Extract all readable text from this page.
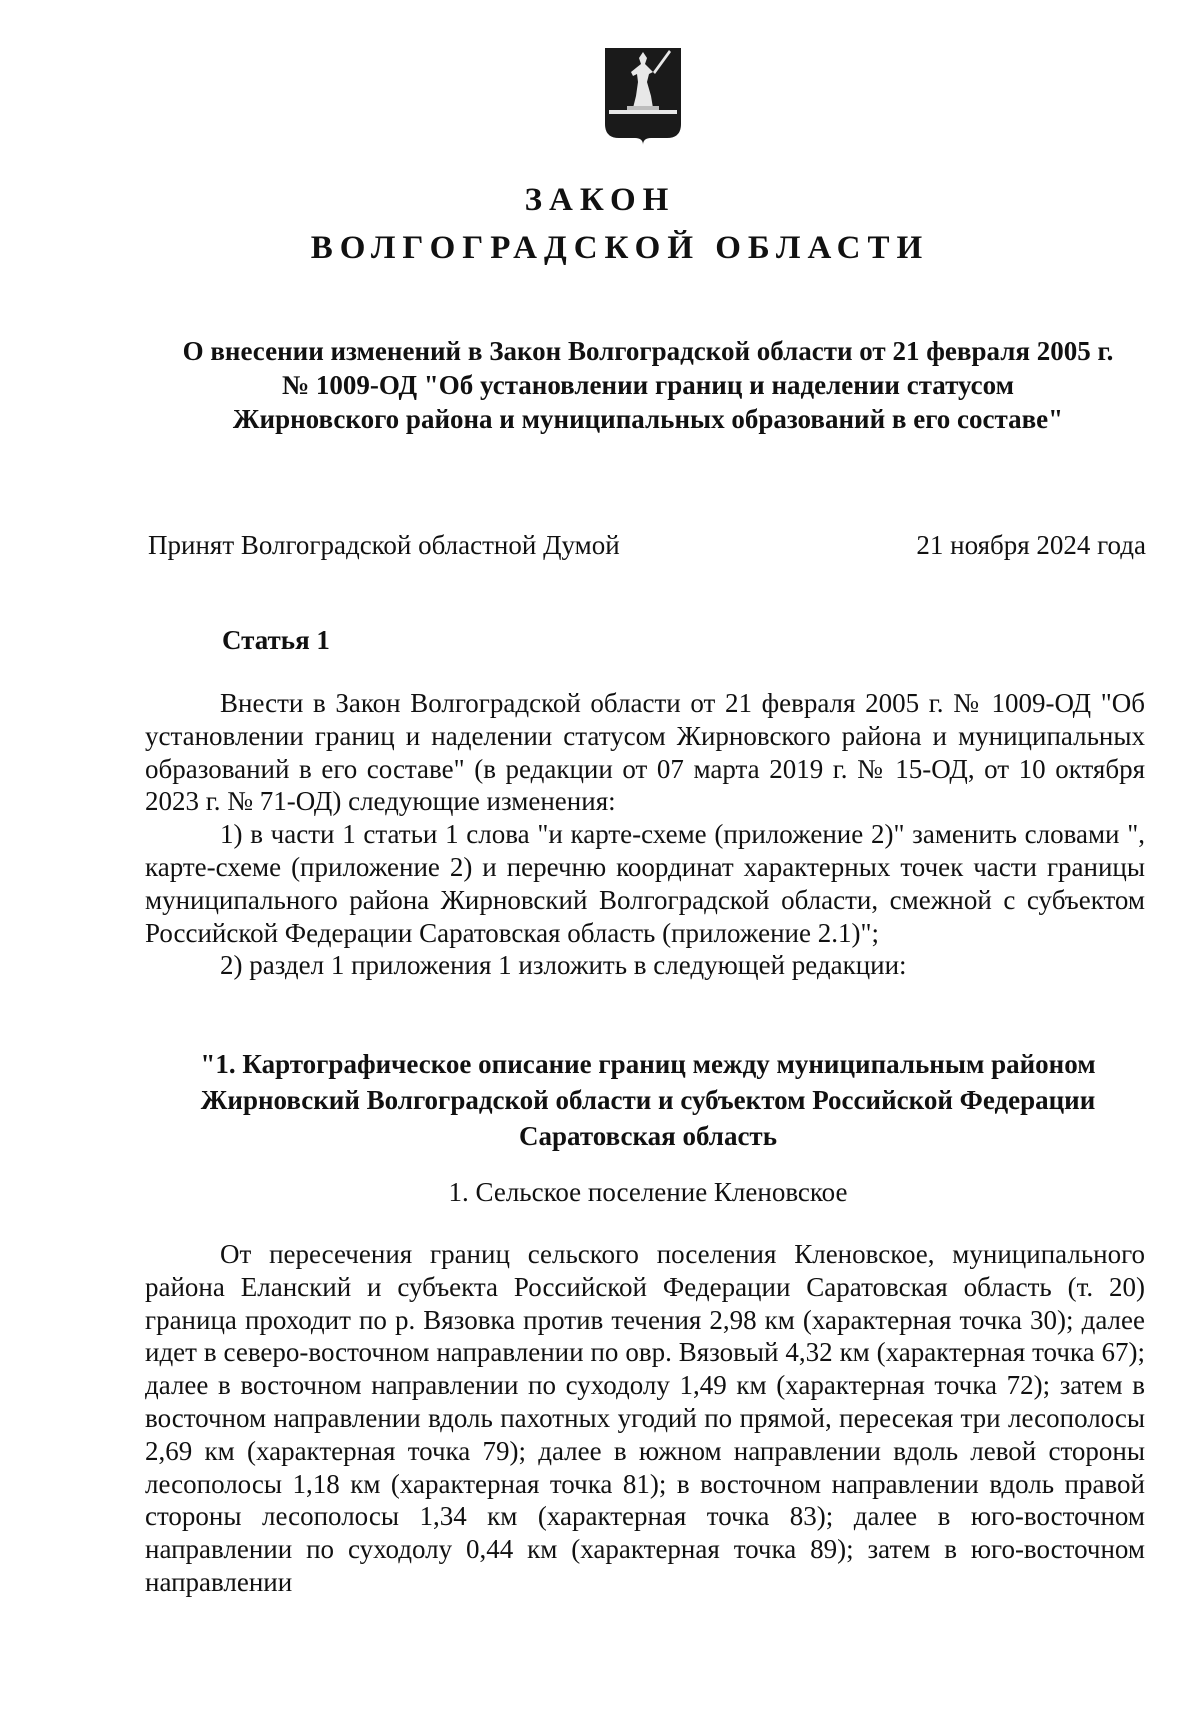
ЗАКОН
ВОЛГОГРАДСКОЙ ОБЛАСТИ
О внесении изменений в Закон Волгоградской области от 21 февраля 2005 г.
№ 1009-ОД "Об установлении границ и наделении статусом
Жирновского района и муниципальных образований в его составе"
Принят Волгоградской областной Думой	21 ноября 2024 года
Статья 1

Внести в Закон Волгоградской области от 21 февраля 2005 г. № 1009-ОД "Об установлении границ и наделении статусом Жирновского района и муниципальных образований в его составе" (в редакции от 07 марта 2019 г. № 15-ОД, от 10 октября 2023 г. № 71-ОД) следующие изменения:

1) в части 1 статьи 1 слова "и карте-схеме (приложение 2)" заменить словами ", карте-схеме (приложение 2) и перечню координат характерных точек части границы муниципального района Жирновский Волгоградской области, смежной с субъектом Российской Федерации Саратовская область (приложение 2.1)";

2) раздел 1 приложения 1 изложить в следующей редакции:

"1. Картографическое описание границ между муниципальным районом
Жирновский Волгоградской области и субъектом Российской Федерации
Саратовская область
1. Сельское поселение Кленовское

От пересечения границ сельского поселения Кленовское, муниципального района Еланский и субъекта Российской Федерации Саратовская область (т. 20) граница проходит по р. Вязовка против течения 2,98 км (характерная точка 30); далее идет в северо-восточном направлении по овр. Вязовый 4,32 км (характерная точка 67); далее в восточном направлении по суходолу 1,49 км (характерная точка 72); затем в восточном направлении вдоль пахотных угодий по прямой, пересекая три лесополосы 2,69 км (характерная точка 79); далее в южном направлении вдоль левой стороны лесополосы 1,18 км (характерная точка 81); в восточном направлении вдоль правой стороны лесополосы 1,34 км (характерная точка 83); далее в юго-восточном направлении по суходолу 0,44 км (характерная точка 89); затем в юго-восточном направлении
